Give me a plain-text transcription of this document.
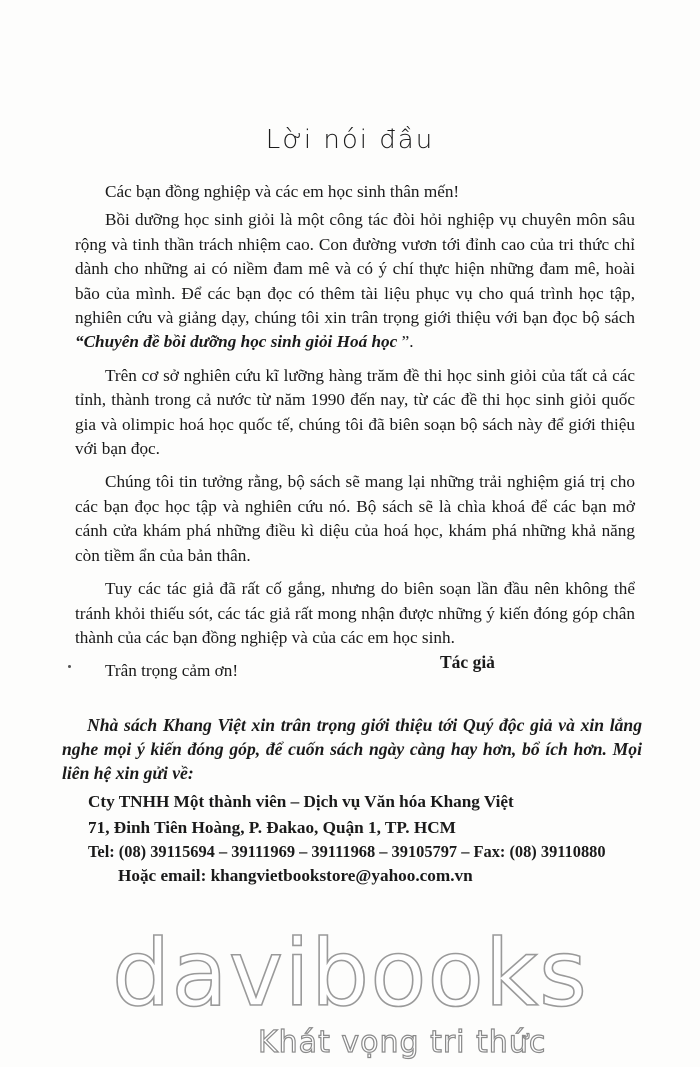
Lời nói đầu

Các bạn đồng nghiệp và các em học sinh thân mến!

Bồi dưỡng học sinh giỏi là một công tác đòi hỏi nghiệp vụ chuyên môn sâu rộng và tinh thần trách nhiệm cao. Con đường vươn tới đỉnh cao của tri thức chỉ dành cho những ai có niềm đam mê và có ý chí thực hiện những đam mê, hoài bão của mình. Để các bạn đọc có thêm tài liệu phục vụ cho quá trình học tập, nghiên cứu và giảng dạy, chúng tôi xin trân trọng giới thiệu với bạn đọc bộ sách “Chuyên đề bồi dưỡng học sinh giỏi Hoá học ”.

Trên cơ sở nghiên cứu kĩ lưỡng hàng trăm đề thi học sinh giỏi của tất cả các tỉnh, thành trong cả nước từ năm 1990 đến nay, từ các đề thi học sinh giỏi quốc gia và olimpic hoá học quốc tế, chúng tôi đã biên soạn bộ sách này để giới thiệu với bạn đọc.

Chúng tôi tin tưởng rằng, bộ sách sẽ mang lại những trải nghiệm giá trị cho các bạn đọc học tập và nghiên cứu nó. Bộ sách sẽ là chìa khoá để các bạn mở cánh cửa khám phá những điều kì diệu của hoá học, khám phá những khả năng còn tiềm ẩn của bản thân.

Tuy các tác giả đã rất cố gắng, nhưng do biên soạn lần đầu nên không thể tránh khỏi thiếu sót, các tác giả rất mong nhận được những ý kiến đóng góp chân thành của các bạn đồng nghiệp và của các em học sinh.

Trân trọng cảm ơn!	Tác giả
Nhà sách Khang Việt xin trân trọng giới thiệu tới Quý độc giả và xin lắng nghe mọi ý kiến đóng góp, để cuốn sách ngày càng hay hơn, bổ ích hơn. Mọi liên hệ xin gửi về:
Cty TNHH Một thành viên – Dịch vụ Văn hóa Khang Việt
71, Đinh Tiên Hoàng, P. Đakao, Quận 1, TP. HCM
Tel: (08) 39115694 – 39111969 – 39111968 – 39105797 – Fax: (08) 39110880
Hoặc email: khangvietbookstore@yahoo.com.vn
davibooks
Khát vọng tri thức
